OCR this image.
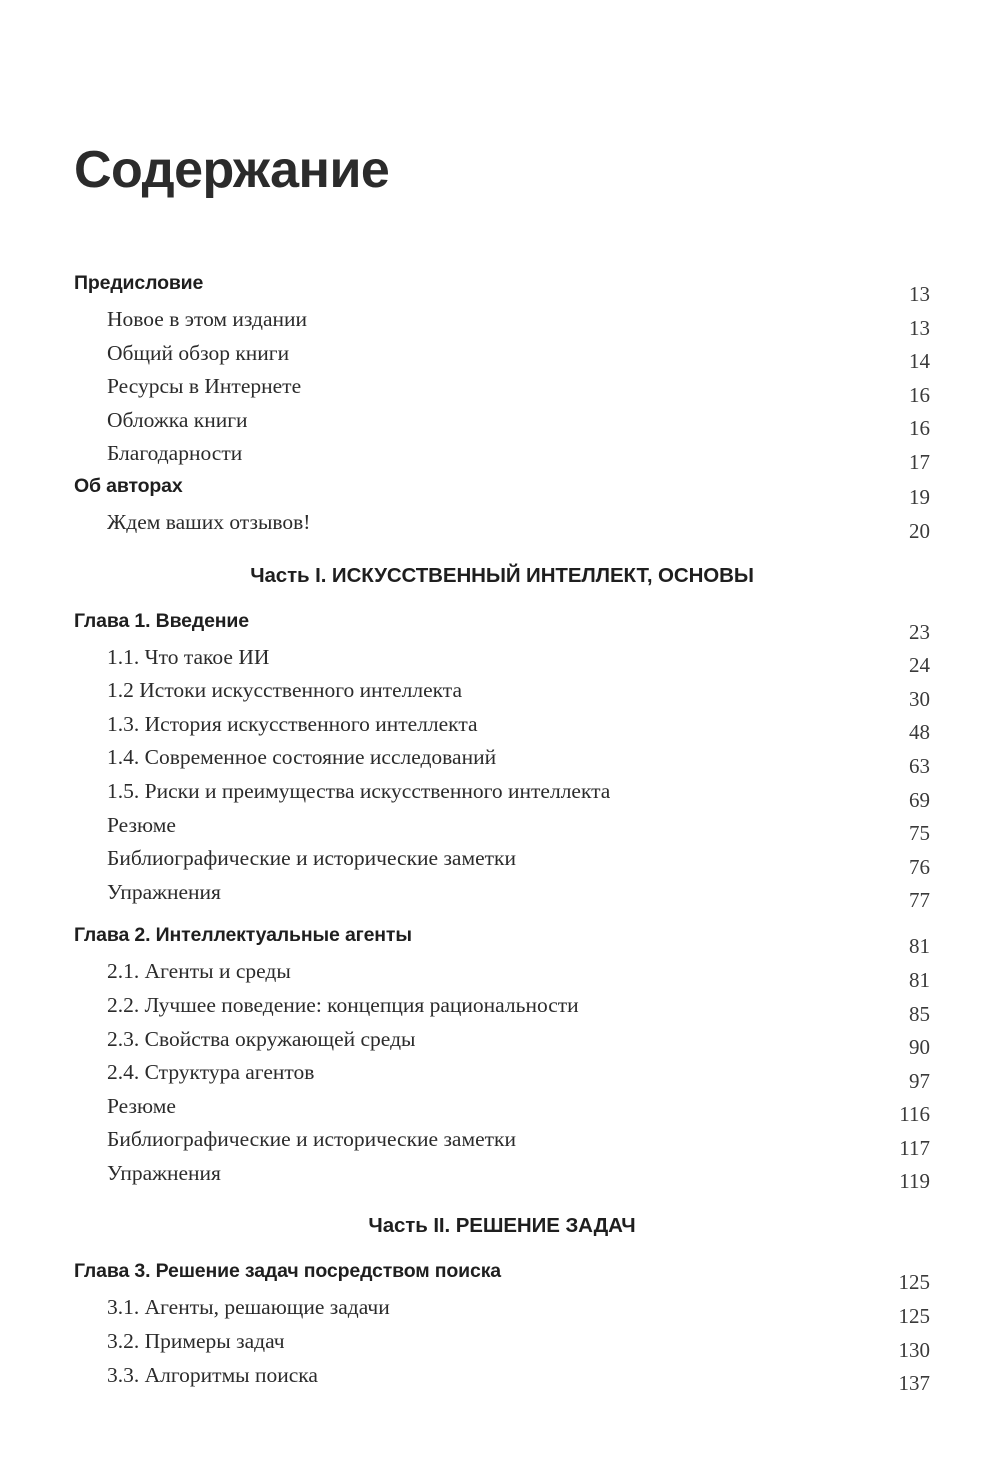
Содержание
Предисловие	13
Новое в этом издании	13
Общий обзор книги	14
Ресурсы в Интернете	16
Обложка книги	16
Благодарности	17
Об авторах	19
Ждем ваших отзывов!	20
Часть I. ИСКУССТВЕННЫЙ ИНТЕЛЛЕКТ, ОСНОВЫ
Глава 1. Введение	23
1.1. Что такое ИИ	24
1.2 Истоки искусственного интеллекта	30
1.3. История искусственного интеллекта	48
1.4. Современное состояние исследований	63
1.5. Риски и преимущества искусственного интеллекта	69
Резюме	75
Библиографические и исторические заметки	76
Упражнения	77
Глава 2. Интеллектуальные агенты	81
2.1. Агенты и среды	81
2.2. Лучшее поведение: концепция рациональности	85
2.3. Свойства окружающей среды	90
2.4. Структура агентов	97
Резюме	116
Библиографические и исторические заметки	117
Упражнения	119
Часть II. РЕШЕНИЕ ЗАДАЧ
Глава 3. Решение задач посредством поиска	125
3.1. Агенты, решающие задачи	125
3.2. Примеры задач	130
3.3. Алгоритмы поиска	137
